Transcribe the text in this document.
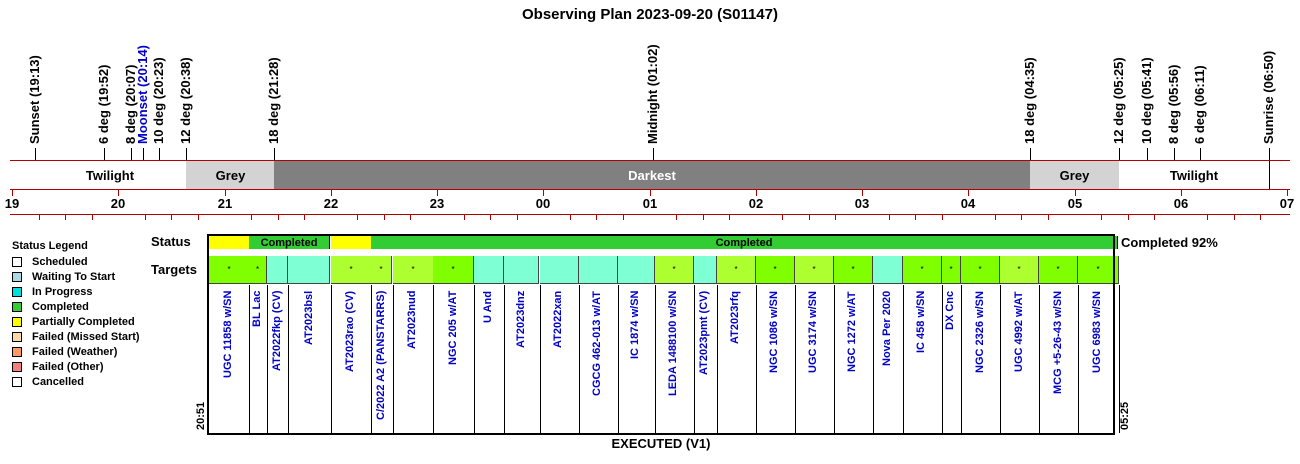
Observing Plan 2023-09-20 (S01147)
Sunset (19:13)	6 deg (19:52) 8 deg (20:07)
Moonset (20:14) 10 deg (20:23) 12 deg (20:38)	18 deg (21:28)	Midnight (01:02)	18 deg (04:35)	12 deg (05:25) 10 deg (05:41) 8 deg (05:56) 6 deg (06:11)	Sunrise (06:50)
Twilight	Grey	Darkest	Grey	Twilight
19	20	21	22	23	00	01	02	03	04	05	06	07
Status Legend
Scheduled
Waiting To Start
In Progress
Completed
Partially Completed
Failed (Missed Start)
Failed (Weather)
Failed (Other)
Cancelled
Status
Targets
Completed 92%
Completed	Completed
*
UGC 11858 w/SN
*
BL Lac AT2022fkp (CV) AT2023bsl
*
AT2023rao (CV)
*
C/2022 A2 (PANSTARRS)
*
AT2023nud
*
NGC 205 w/AT U And AT2023dnz AT2022xan CGCG 462-013 w/AT IC 1874 w/SN
*
LEDA 1488100 w/SN AT2023pmt (CV)
*
AT2023rfq
*
NGC 1086 w/SN
*
UGC 3174 w/SN
*
NGC 1272 w/AT Nova Per 2020
*
IC 458 w/SN
*
DX Cnc
*
NGC 2326 w/SN
*
UGC 4992 w/AT
*
MCG +5-26-43 w/SN
*
UGC 6983 w/SN
20:51	05:25
EXECUTED (V1)
